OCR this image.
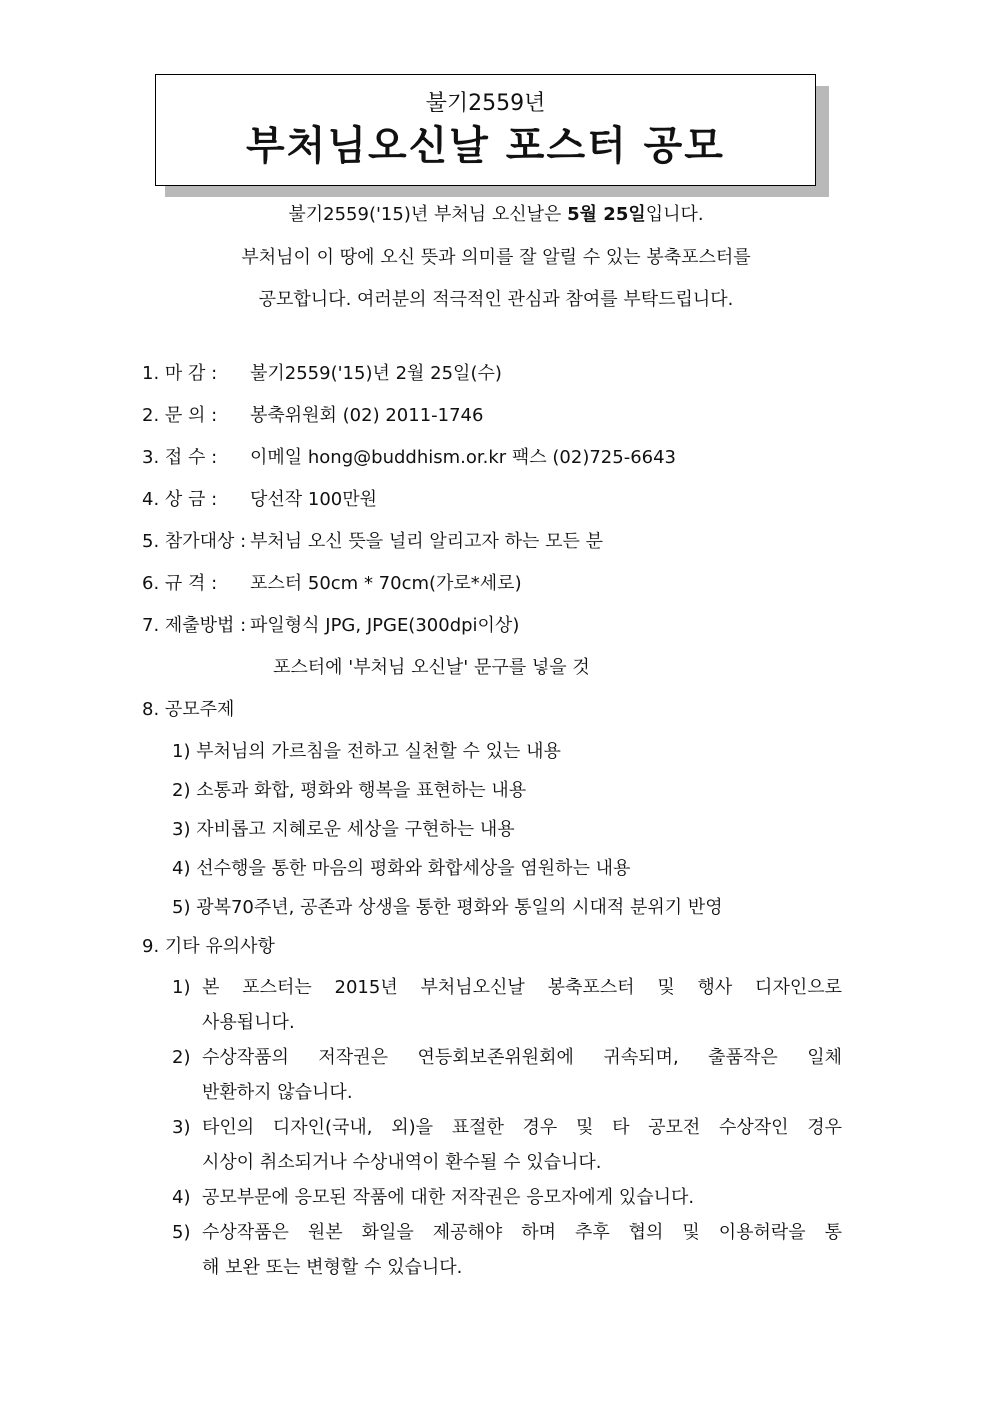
불기2559년
부처님오신날 포스터 공모
불기2559('15)년 부처님 오신날은 5월 25일입니다.
부처님이 이 땅에 오신 뜻과 의미를 잘 알릴 수 있는 봉축포스터를
공모합니다. 여러분의 적극적인 관심과 참여를 부탁드립니다.
1. 마 감 : 불기2559('15)년 2월 25일(수)
2. 문 의 : 봉축위원회 (02) 2011-1746
3. 접 수 : 이메일 hong@buddhism.or.kr 팩스 (02)725-6643
4. 상 금 : 당선작 100만원
5. 참가대상 : 부처님 오신 뜻을 널리 알리고자 하는 모든 분
6. 규 격 : 포스터 50cm * 70cm(가로*세로)
7. 제출방법 : 파일형식 JPG, JPGE(300dpi이상)
포스터에 '부처님 오신날' 문구를 넣을 것
8. 공모주제
1) 부처님의 가르침을 전하고 실천할 수 있는 내용
2) 소통과 화합, 평화와 행복을 표현하는 내용
3) 자비롭고 지혜로운 세상을 구현하는 내용
4) 선수행을 통한 마음의 평화와 화합세상을 염원하는 내용
5) 광복70주년, 공존과 상생을 통한 평화와 통일의 시대적 분위기 반영
9. 기타 유의사항
1) 본 포스터는 2015년 부처님오신날 봉축포스터 및 행사 디자인으로
사용됩니다.
2) 수상작품의 저작권은 연등회보존위원회에 귀속되며, 출품작은 일체
반환하지 않습니다.
3) 타인의 디자인(국내, 외)을 표절한 경우 및 타 공모전 수상작인 경우
시상이 취소되거나 수상내역이 환수될 수 있습니다.
4) 공모부문에 응모된 작품에 대한 저작권은 응모자에게 있습니다.
5) 수상작품은 원본 화일을 제공해야 하며 추후 협의 및 이용허락을 통
해 보완 또는 변형할 수 있습니다.
